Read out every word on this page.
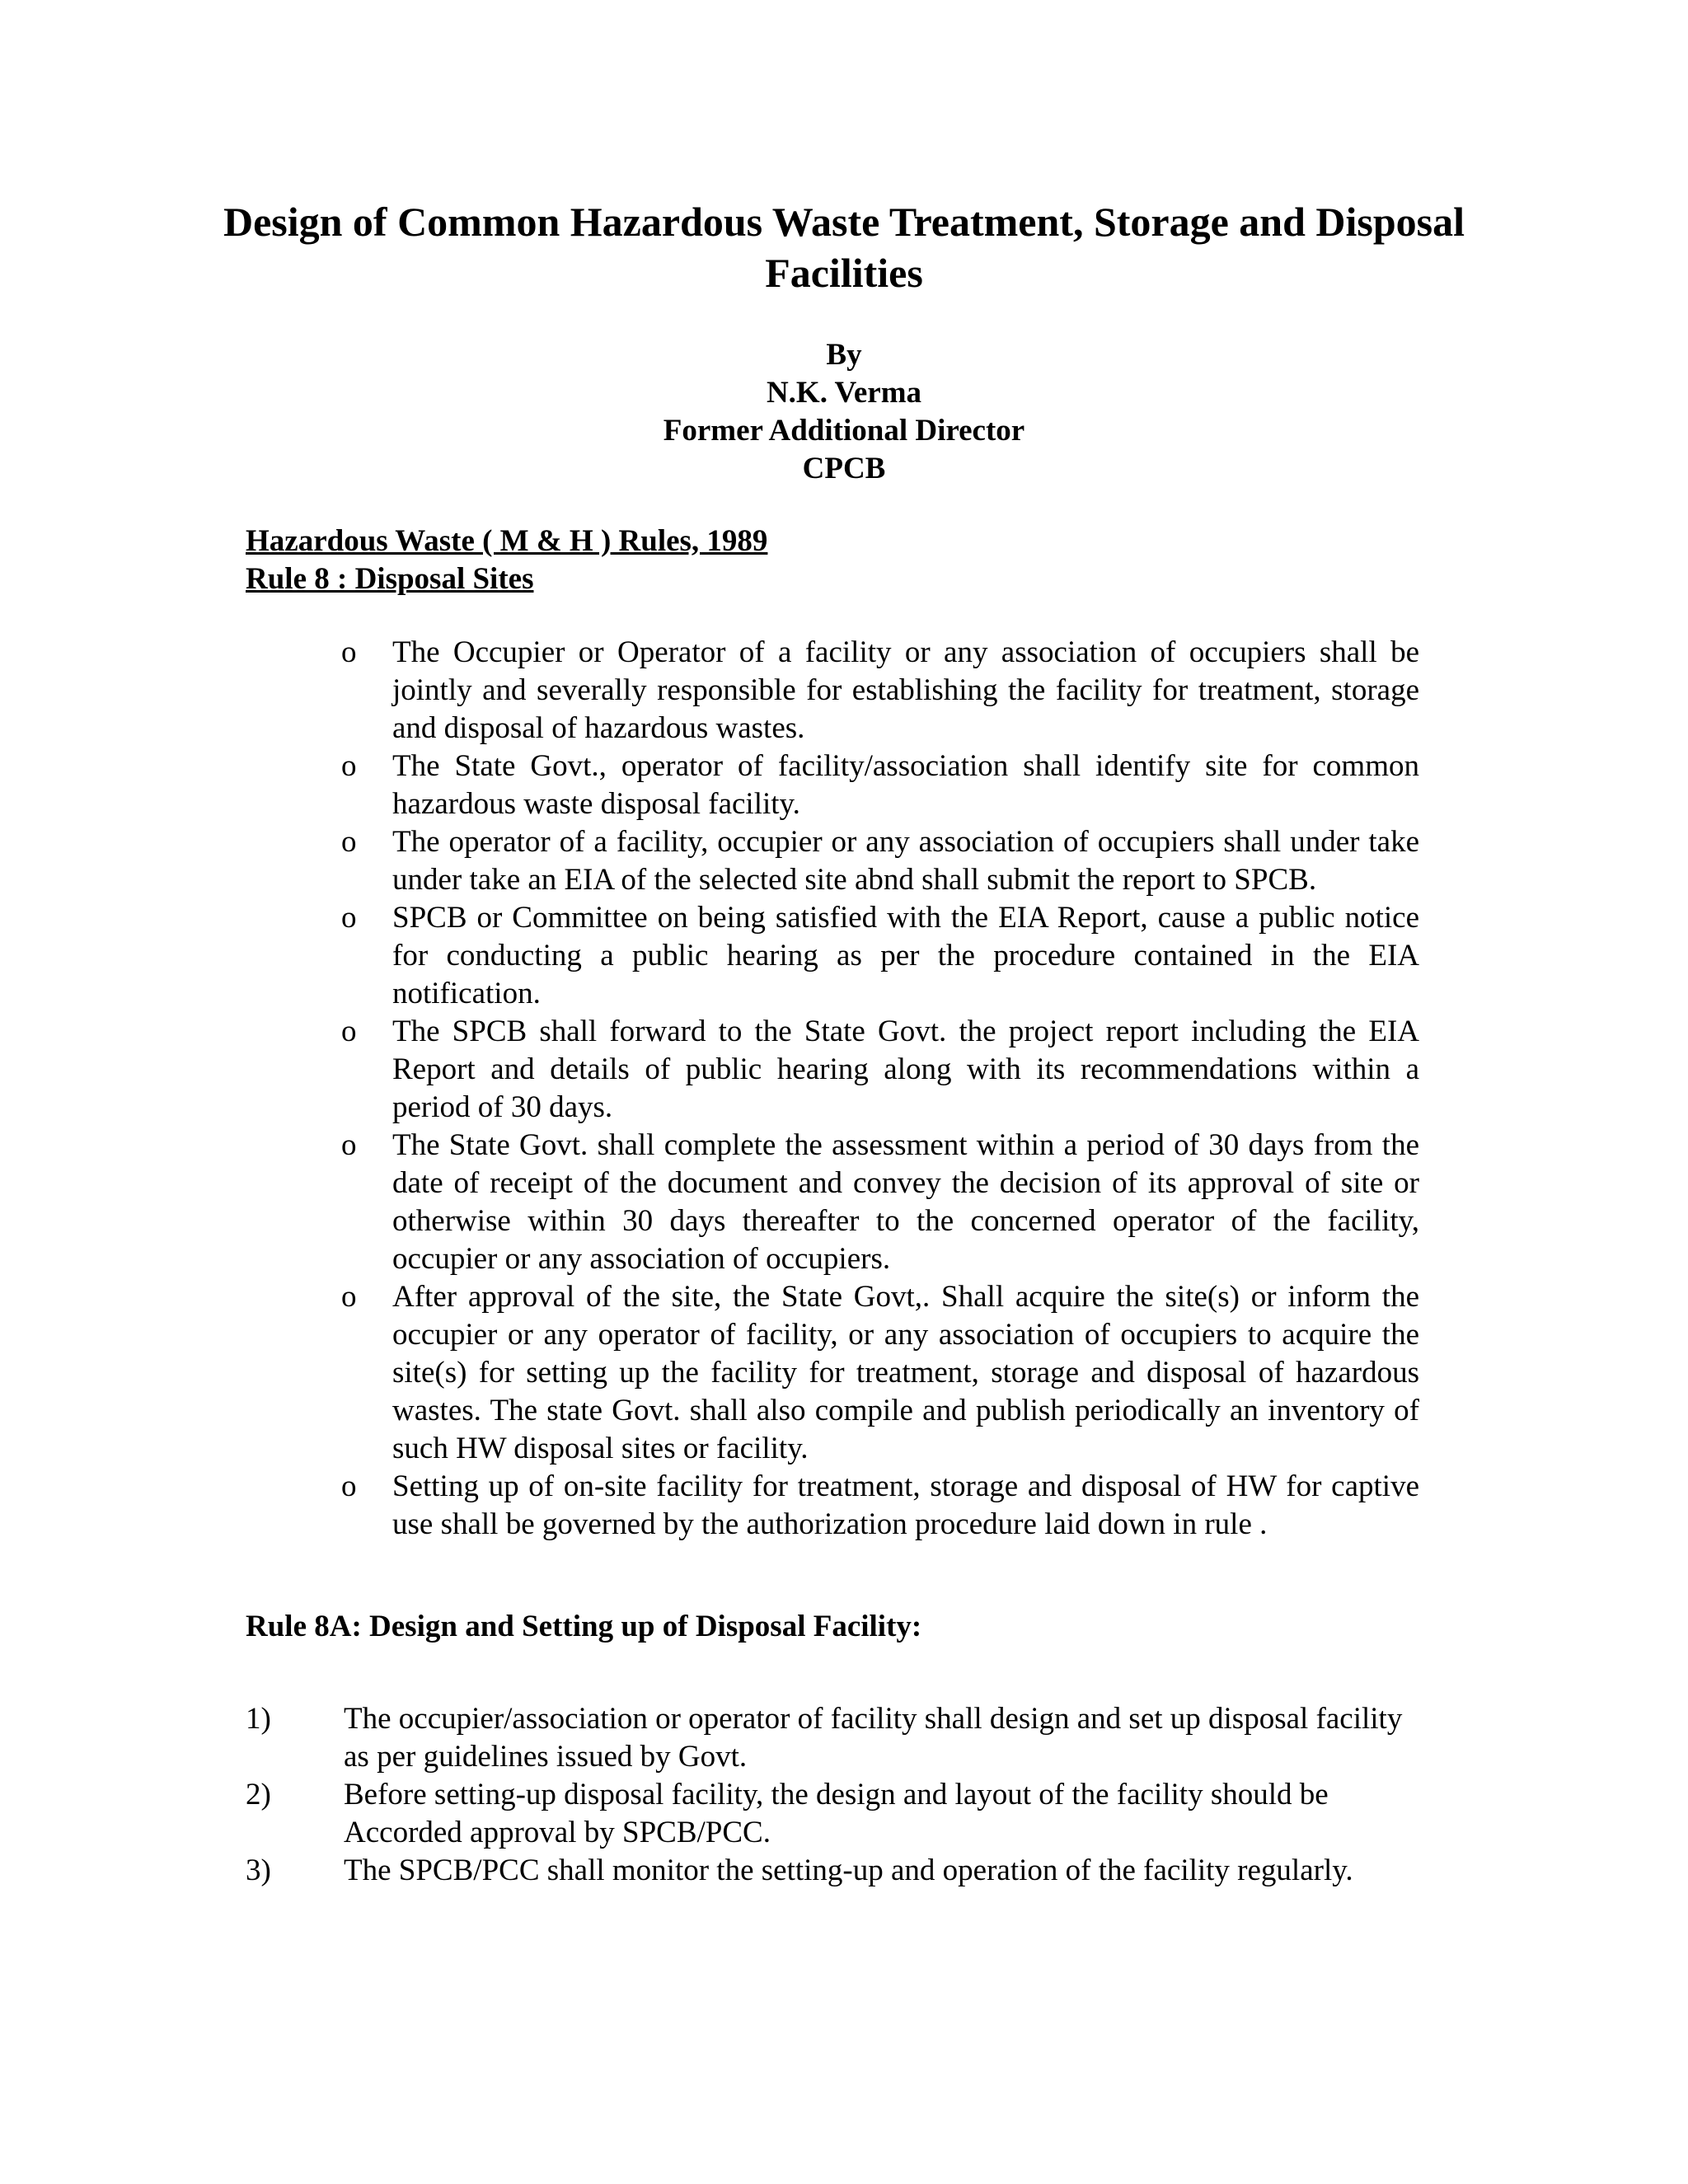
Design of Common Hazardous Waste Treatment, Storage and Disposal Facilities
By
N.K. Verma
Former Additional Director
CPCB
Hazardous Waste ( M & H ) Rules, 1989
Rule 8 : Disposal Sites
o The Occupier or Operator of a facility or any association of occupiers shall be jointly and severally responsible for establishing the facility for treatment, storage and disposal of hazardous wastes.
o The State Govt., operator of facility/association shall identify site for common hazardous waste disposal facility.
o The operator of a facility, occupier or any association of occupiers shall under take under take an EIA of the selected site abnd shall submit the report to SPCB.
o SPCB or Committee on being satisfied with the EIA Report, cause a public notice for conducting a public hearing as per the procedure contained in the EIA notification.
o The SPCB shall forward to the State Govt. the project report including the EIA Report and details of public hearing along with its recommendations within a period of 30 days.
o The State Govt. shall complete the assessment within a period of 30 days from the date of receipt of the document and convey the decision of its approval of site or otherwise within 30 days thereafter to the concerned operator of the facility, occupier or any association of occupiers.
o After approval of the site, the State Govt,. Shall acquire the site(s) or inform the occupier or any operator of facility, or any association of occupiers to acquire the site(s) for setting up the facility for treatment, storage and disposal of hazardous wastes. The state Govt. shall also compile and publish periodically an inventory of such HW disposal sites or facility.
o Setting up of on-site facility for treatment, storage and disposal of HW for captive use shall be governed by the authorization procedure laid down in rule .
Rule 8A: Design and Setting up of Disposal Facility:
1) The occupier/association or operator of facility shall design and set up disposal facility as per guidelines issued by Govt.
2) Before setting-up disposal facility, the design and layout of the facility should be Accorded approval by SPCB/PCC.
3) The SPCB/PCC shall monitor the setting-up and operation of the facility regularly.
